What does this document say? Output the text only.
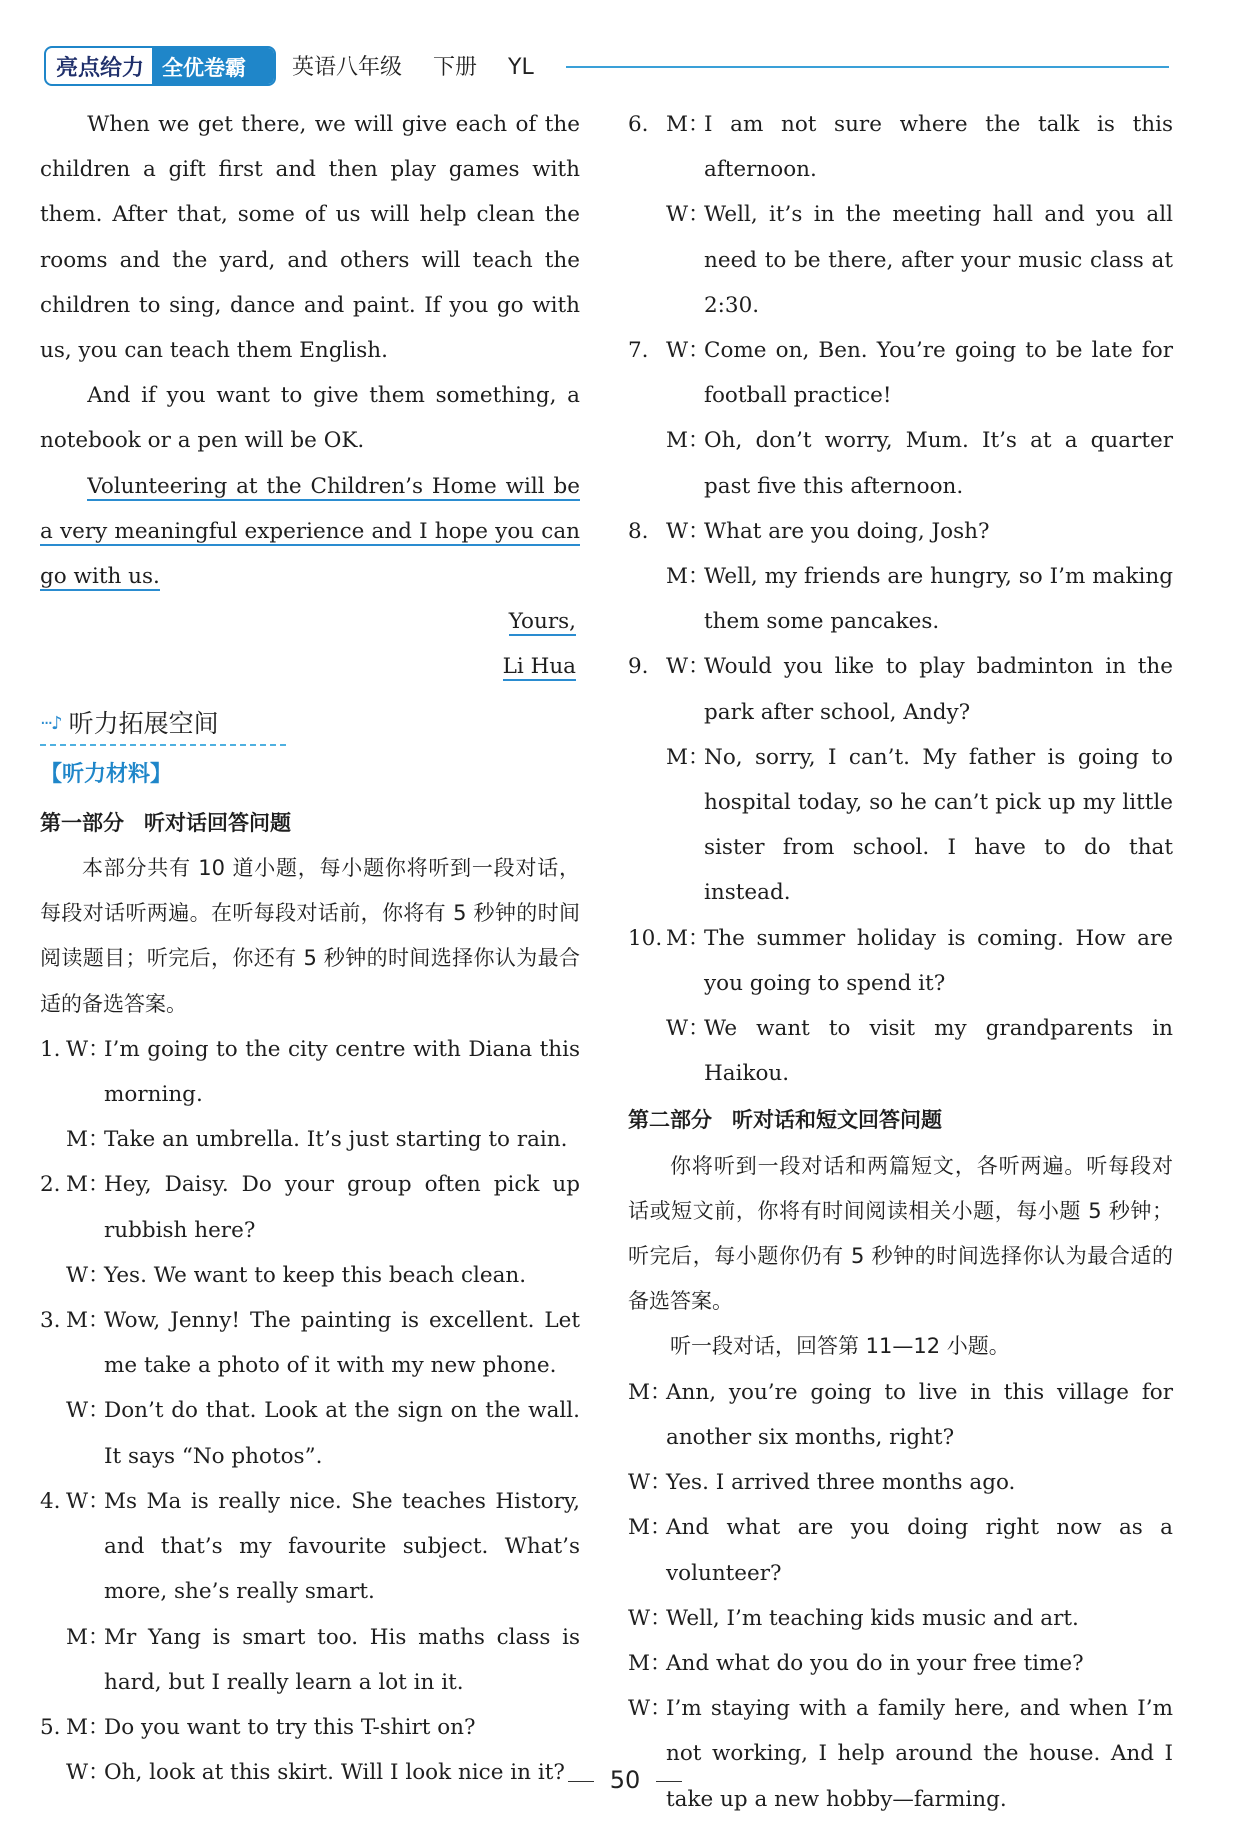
亮点给力 全优卷霸	英语八年级 下册 YL

When we get there, we will give each of the children a gift first and then play games with them. After that, some of us will help clean the rooms and the yard, and others will teach the children to sing, dance and paint. If you go with us, you can teach them English.

And if you want to give them something, a notebook or a pen will be OK.

Volunteering at the Children’s Home will be a very meaningful experience and I hope you can go with us.

Yours,

Li Hua

···♪ 听力拓展空间
【听力材料】
第一部分 听对话回答问题

本部分共有 10 道小题，每小题你将听到一段对话，每段对话听两遍。在听每段对话前，你将有 5 秒钟的时间阅读题目；听完后，你还有 5 秒钟的时间选择你认为最合适的备选答案。

1. W：
I’m going to the city centre with Diana this morning.
M：
Take an umbrella. It’s just starting to rain.
2. M：
Hey, Daisy. Do your group often pick up rubbish here?
W：
Yes. We want to keep this beach clean.
3. M：
Wow, Jenny! The painting is excellent. Let me take a photo of it with my new phone.
W：
Don’t do that. Look at the sign on the wall. It says “No photos”.
4. W：
Ms Ma is really nice. She teaches History, and that’s my favourite subject. What’s more, she’s really smart.
M：
Mr Yang is smart too. His maths class is hard, but I really learn a lot in it.
5. M：
Do you want to try this T-shirt on?
W：
Oh, look at this skirt. Will I look nice in it?
6. M：
I am not sure where the talk is this afternoon.
W：
Well, it’s in the meeting hall and you all need to be there, after your music class at 2:30.
7. W：
Come on, Ben. You’re going to be late for football practice!
M：
Oh, don’t worry, Mum. It’s at a quarter past five this afternoon.
8. W：
What are you doing, Josh?
M：
Well, my friends are hungry, so I’m making them some pancakes.
9. W：
Would you like to play badminton in the park after school, Andy?
M：
No, sorry, I can’t. My father is going to hospital today, so he can’t pick up my little sister from school. I have to do that instead.
10. M：
The summer holiday is coming. How are you going to spend it?
W：
We want to visit my grandparents in Haikou.
第二部分 听对话和短文回答问题

你将听到一段对话和两篇短文，各听两遍。听每段对话或短文前，你将有时间阅读相关小题，每小题 5 秒钟；听完后，每小题你仍有 5 秒钟的时间选择你认为最合适的备选答案。

听一段对话，回答第 11—12 小题。

M：
Ann, you’re going to live in this village for another six months, right?
W：
Yes. I arrived three months ago.
M：
And what are you doing right now as a volunteer?
W：
Well, I’m teaching kids music and art.
M：
And what do you do in your free time?
W：
I’m staying with a family here, and when I’m not working, I help around the house. And I take up a new hobby—farming.
50
